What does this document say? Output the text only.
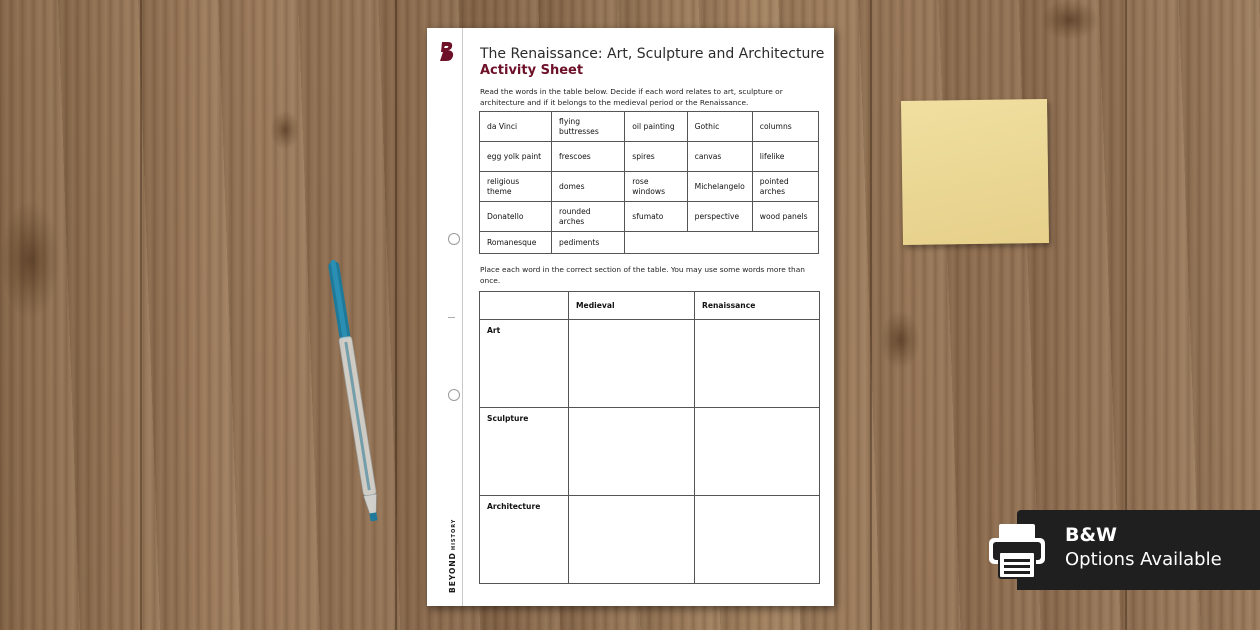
The Renaissance: Art, Sculpture and Architecture
Activity Sheet
Read the words in the table below. Decide if each word relates to art, sculpture or architecture and if it belongs to the medieval period or the Renaissance.
da Vinci	flying buttresses	oil painting	Gothic	columns
egg yolk paint	frescoes	spires	canvas	lifelike
religious theme	domes	rose windows	Michelangelo	pointed arches
Donatello	rounded arches	sfumato	perspective	wood panels
Romanesque	pediments			
Place each word in the correct section of the table. You may use some words more than once.
	Medieval	Renaissance
Art		
Sculpture		
Architecture		
BEYONDHISTORY	B&W
Options Available
